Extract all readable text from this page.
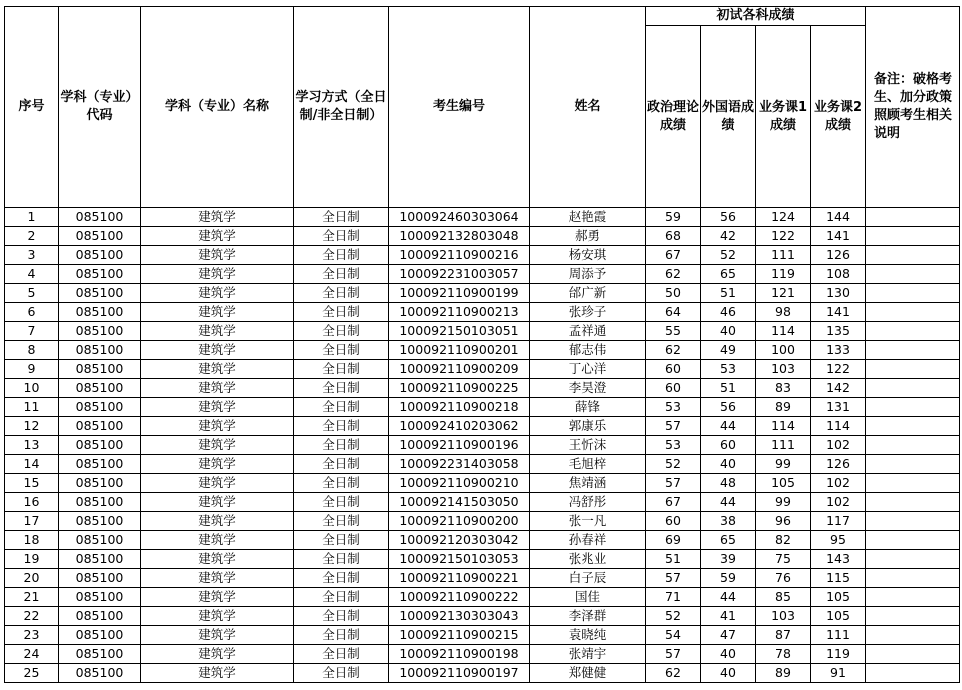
序号	学科（专业）代码	学科（专业）名称	学习方式（全日制/非全日制）	考生编号	姓名	初试各科成绩				备注：破格考生、加分政策照顾考生相关说明
						政治理论成绩	外国语成绩	业务课1成绩	业务课2成绩	
1	085100	建筑学	全日制	100092460303064	赵艳霞	59	56	124	144	
2	085100	建筑学	全日制	100092132803048	郝勇	68	42	122	141	
3	085100	建筑学	全日制	100092110900216	杨安琪	67	52	111	126	
4	085100	建筑学	全日制	100092231003057	周添予	62	65	119	108	
5	085100	建筑学	全日制	100092110900199	邰广新	50	51	121	130	
6	085100	建筑学	全日制	100092110900213	张珍子	64	46	98	141	
7	085100	建筑学	全日制	100092150103051	孟祥通	55	40	114	135	
8	085100	建筑学	全日制	100092110900201	郁志伟	62	49	100	133	
9	085100	建筑学	全日制	100092110900209	丁心洋	60	53	103	122	
10	085100	建筑学	全日制	100092110900225	李昊澄	60	51	83	142	
11	085100	建筑学	全日制	100092110900218	薛锋	53	56	89	131	
12	085100	建筑学	全日制	100092410203062	郭康乐	57	44	114	114	
13	085100	建筑学	全日制	100092110900196	王忻沫	53	60	111	102	
14	085100	建筑学	全日制	100092231403058	毛旭梓	52	40	99	126	
15	085100	建筑学	全日制	100092110900210	焦靖涵	57	48	105	102	
16	085100	建筑学	全日制	100092141503050	冯舒彤	67	44	99	102	
17	085100	建筑学	全日制	100092110900200	张一凡	60	38	96	117	
18	085100	建筑学	全日制	100092120303042	孙春祥	69	65	82	95	
19	085100	建筑学	全日制	100092150103053	张兆业	51	39	75	143	
20	085100	建筑学	全日制	100092110900221	白子辰	57	59	76	115	
21	085100	建筑学	全日制	100092110900222	国佳	71	44	85	105	
22	085100	建筑学	全日制	100092130303043	李泽群	52	41	103	105	
23	085100	建筑学	全日制	100092110900215	袁晓纯	54	47	87	111	
24	085100	建筑学	全日制	100092110900198	张靖宇	57	40	78	119	
25	085100	建筑学	全日制	100092110900197	郑健健	62	40	89	91	
